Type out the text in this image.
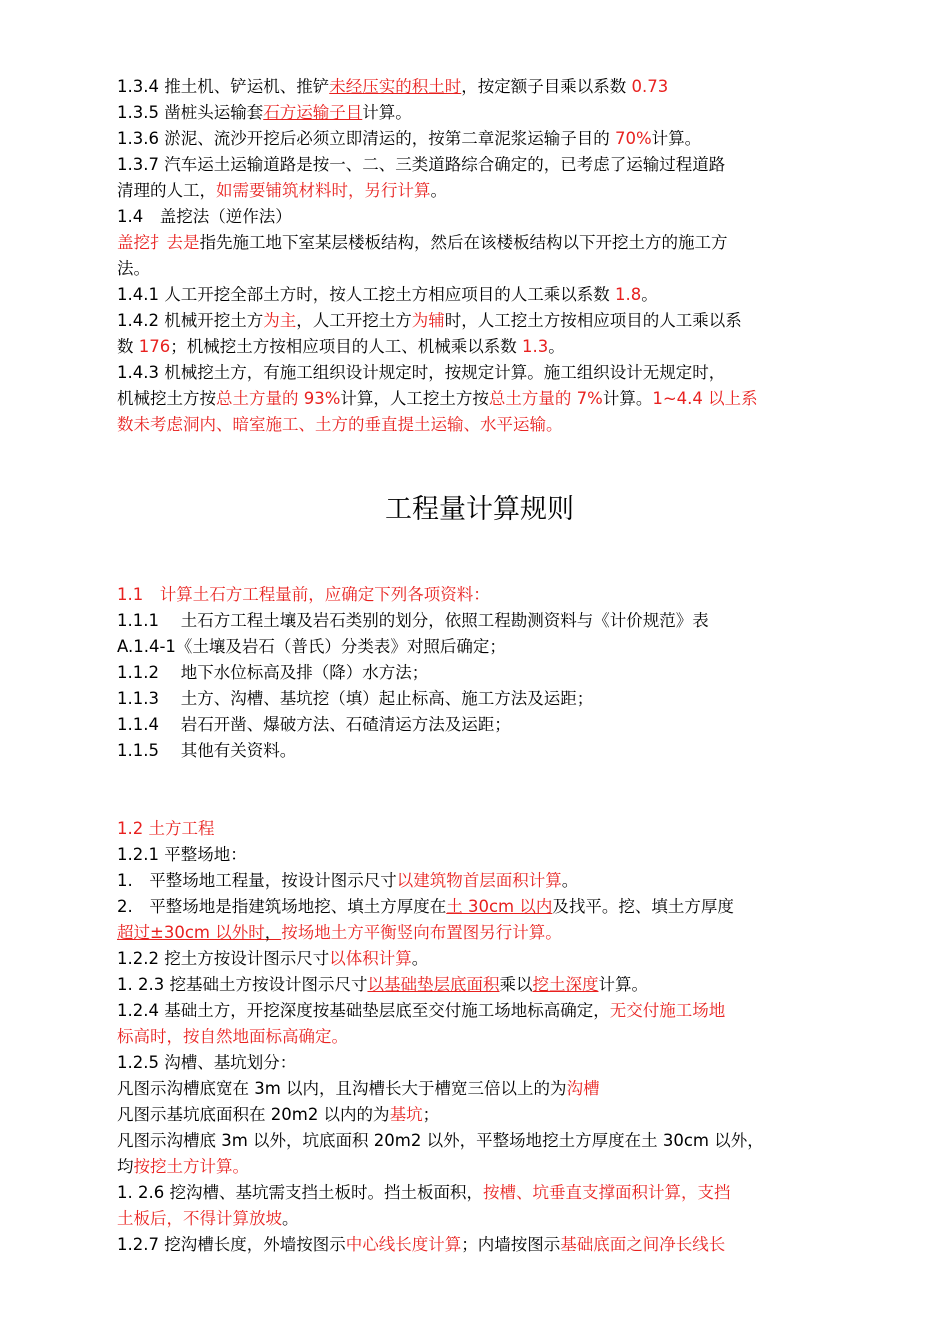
1.3.4 推土机、铲运机、推铲未经压实的积土时，按定额子目乘以系数 0.73
1.3.5 凿桩头运输套石方运输子目计算。
1.3.6 淤泥、流沙开挖后必须立即清运的，按第二章泥浆运输子目的 70%计算。
1.3.7 汽车运土运输道路是按一、二、三类道路综合确定的，已考虑了运输过程道路
清理的人工，如需要铺筑材料时，另行计算。
1.4　盖挖法（逆作法）
盖挖扌去是指先施工地下室某层楼板结构，然后在该楼板结构以下开挖土方的施工方
法。
1.4.1 人工开挖全部土方时，按人工挖土方相应项目的人工乘以系数 1.8。
1.4.2 机械开挖土方为主，人工开挖土方为辅时，人工挖土方按相应项目的人工乘以系
数 176；机械挖土方按相应项目的人工、机械乘以系数 1.3。
1.4.3 机械挖土方，有施工组织设计规定时，按规定计算。施工组织设计无规定时，
机械挖土方按总土方量的 93%计算，人工挖土方按总土方量的 7%计算。1~4.4 以上系
数未考虑洞内、暗室施工、土方的垂直提土运输、水平运输。
工程量计算规则
1.1　计算土石方工程量前，应确定下列各项资料：
1.1.1　 土石方工程土壤及岩石类别的划分，依照工程勘测资料与《计价规范》表
A.1.4-1《土壤及岩石（普氏）分类表》对照后确定；
1.1.2　 地下水位标高及排（降）水方法；
1.1.3　 土方、沟槽、基坑挖（填）起止标高、施工方法及运距；
1.1.4　 岩石开凿、爆破方法、石碴清运方法及运距；
1.1.5　 其他有关资料。
1.2 土方工程
1.2.1 平整场地：
1.　平整场地工程量，按设计图示尺寸以建筑物首层面积计算。
2.　平整场地是指建筑场地挖、填土方厚度在土 30cm 以内及找平。挖、填土方厚度
超过±30cm 以外时，按场地土方平衡竖向布置图另行计算。
1.2.2 挖土方按设计图示尺寸以体积计算。
1. 2.3 挖基础土方按设计图示尺寸以基础垫层底面积乘以挖土深度计算。
1.2.4 基础土方，开挖深度按基础垫层底至交付施工场地标高确定，无交付施工场地
标高时，按自然地面标高确定。
1.2.5 沟槽、基坑划分：
凡图示沟槽底宽在 3m 以内，且沟槽长大于槽宽三倍以上的为沟槽
凡图示基坑底面积在 20m2 以内的为基坑；
凡图示沟槽底 3m 以外，坑底面积 20m2 以外，平整场地挖土方厚度在土 30cm 以外，
均按挖土方计算。
1. 2.6 挖沟槽、基坑需支挡土板时。挡土板面积，按槽、坑垂直支撑面积计算，支挡
土板后，不得计算放坡。
1.2.7 挖沟槽长度，外墙按图示中心线长度计算；内墙按图示基础底面之间净长线长
